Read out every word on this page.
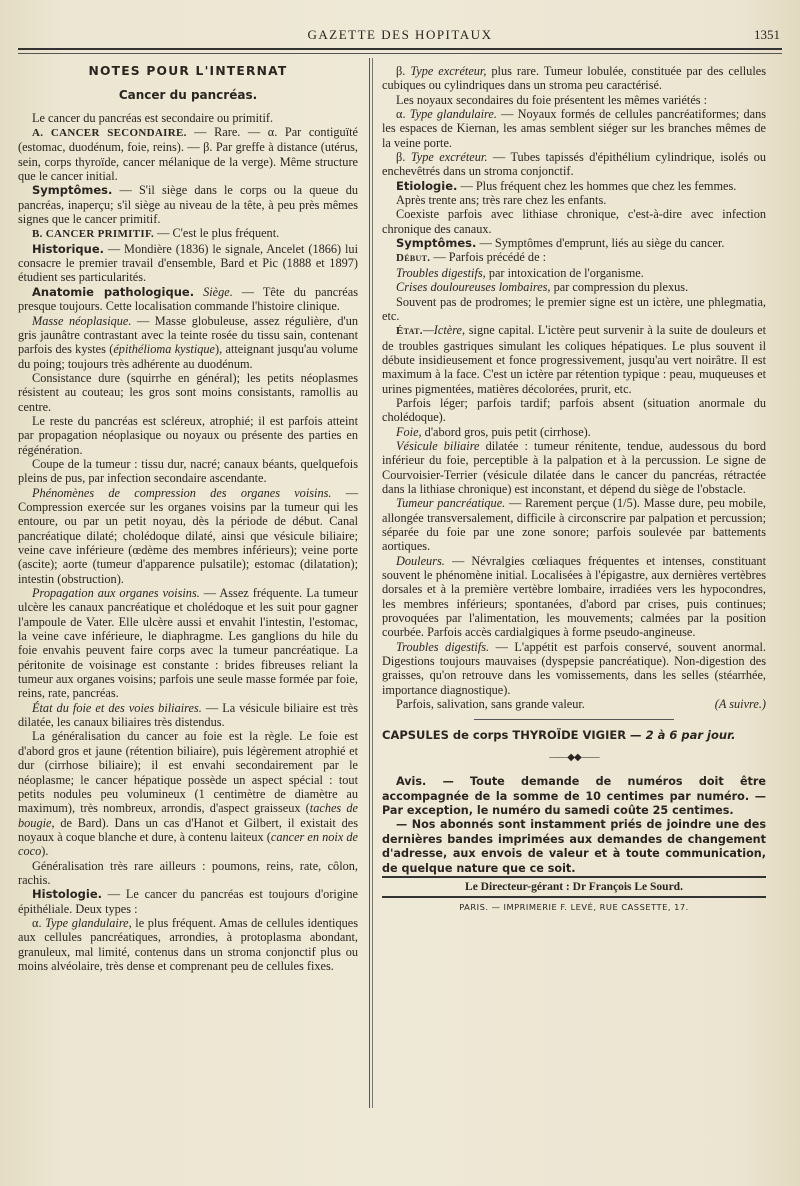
GAZETTE DES HOPITAUX	1351

NOTES POUR L'INTERNAT

Cancer du pancréas.

Le cancer du pancréas est secondaire ou primitif.

A. CANCER SECONDAIRE. — Rare. — α. Par contiguïté (estomac, duodénum, foie, reins). — β. Par greffe à distance (utérus, sein, corps thyroïde, cancer mélanique de la verge). Même structure que le cancer initial.

Symptômes. — S'il siège dans le corps ou la queue du pancréas, inaperçu; s'il siège au niveau de la tête, à peu près mêmes signes que le cancer primitif.

B. CANCER PRIMITIF. — C'est le plus fréquent.

Historique. — Mondière (1836) le signale, Ancelet (1866) lui consacre le premier travail d'ensemble, Bard et Pic (1888 et 1897) étudient ses particularités.

Anatomie pathologique. Siège. — Tête du pancréas presque toujours. Cette localisation commande l'histoire clinique.

Masse néoplasique. — Masse globuleuse, assez régulière, d'un gris jaunâtre contrastant avec la teinte rosée du tissu sain, contenant parfois des kystes (épithélioma kystique), atteignant jusqu'au volume du poing; toujours très adhérente au duodénum.

Consistance dure (squirrhe en général); les petits néoplasmes résistent au couteau; les gros sont moins consistants, ramollis au centre.

Le reste du pancréas est scléreux, atrophié; il est parfois atteint par propagation néoplasique ou noyaux ou présente des parties en régénération.

Coupe de la tumeur : tissu dur, nacré; canaux béants, quelquefois pleins de pus, par infection secondaire ascendante.

Phénomènes de compression des organes voisins. — Compression exercée sur les organes voisins par la tumeur qui les entoure, ou par un petit noyau, dès la période de début. Canal pancréatique dilaté; cholédoque dilaté, ainsi que vésicule biliaire; veine cave inférieure (œdème des membres inférieurs); veine porte (ascite); aorte (tumeur d'apparence pulsatile); estomac (dilatation); intestin (obstruction).

Propagation aux organes voisins. — Assez fréquente. La tumeur ulcère les canaux pancréatique et cholédoque et les suit pour gagner l'ampoule de Vater. Elle ulcère aussi et envahit l'intestin, l'estomac, la veine cave inférieure, le diaphragme. Les ganglions du hile du foie envahis peuvent faire corps avec la tumeur pancréatique. La péritonite de voisinage est constante : brides fibreuses reliant la tumeur aux organes voisins; parfois une seule masse formée par foie, reins, rate, pancréas.

État du foie et des voies biliaires. — La vésicule biliaire est très dilatée, les canaux biliaires très distendus.

La généralisation du cancer au foie est la règle. Le foie est d'abord gros et jaune (rétention biliaire), puis légèrement atrophié et dur (cirrhose biliaire); il est envahi secondairement par le néoplasme; le cancer hépatique possède un aspect spécial : tout petits nodules peu volumineux (1 centimètre de diamètre au maximum), très nombreux, arrondis, d'aspect graisseux (taches de bougie, de Bard). Dans un cas d'Hanot et Gilbert, il existait des noyaux à coque blanche et dure, à contenu laiteux (cancer en noix de coco).

Généralisation très rare ailleurs : poumons, reins, rate, côlon, rachis.

Histologie. — Le cancer du pancréas est toujours d'origine épithéliale. Deux types :

α. Type glandulaire, le plus fréquent. Amas de cellules identiques aux cellules pancréatiques, arrondies, à protoplasma abondant, granuleux, mal limité, contenus dans un stroma conjonctif plus ou moins alvéolaire, très dense et comprenant peu de cellules fixes.

β. Type excréteur, plus rare. Tumeur lobulée, constituée par des cellules cubiques ou cylindriques dans un stroma peu caractérisé.

Les noyaux secondaires du foie présentent les mêmes variétés :

α. Type glandulaire. — Noyaux formés de cellules pancréatiformes; dans les espaces de Kiernan, les amas semblent siéger sur les branches mêmes de la veine porte.

β. Type excréteur. — Tubes tapissés d'épithélium cylindrique, isolés ou enchevêtrés dans un stroma conjonctif.

Etiologie. — Plus fréquent chez les hommes que chez les femmes.

Après trente ans; très rare chez les enfants.

Coexiste parfois avec lithiase chronique, c'est-à-dire avec infection chronique des canaux.

Symptômes. — Symptômes d'emprunt, liés au siège du cancer.

Début. — Parfois précédé de :

Troubles digestifs, par intoxication de l'organisme.

Crises douloureuses lombaires, par compression du plexus.

Souvent pas de prodromes; le premier signe est un ictère, une phlegmatia, etc.

État.—Ictère, signe capital. L'ictère peut survenir à la suite de douleurs et de troubles gastriques simulant les coliques hépatiques. Le plus souvent il débute insidieusement et fonce progressivement, jusqu'au vert noirâtre. Il est maximum à la face. C'est un ictère par rétention typique : peau, muqueuses et urines pigmentées, matières décolorées, prurit, etc.

Parfois léger; parfois tardif; parfois absent (situation anormale du cholédoque).

Foie, d'abord gros, puis petit (cirrhose).

Vésicule biliaire dilatée : tumeur rénitente, tendue, audessous du bord inférieur du foie, perceptible à la palpation et à la percussion. Le signe de Courvoisier-Terrier (vésicule dilatée dans le cancer du pancréas, rétractée dans la lithiase chronique) est inconstant, et dépend du siège de l'obstacle.

Tumeur pancréatique. — Rarement perçue (1/5). Masse dure, peu mobile, allongée transversalement, difficile à circonscrire par palpation et percussion; séparée du foie par une zone sonore; parfois soulevée par battements aortiques.

Douleurs. — Névralgies cœliaques fréquentes et intenses, constituant souvent le phénomène initial. Localisées à l'épigastre, aux dernières vertèbres dorsales et à la première vertèbre lombaire, irradiées vers les hypocondres, les membres inférieurs; spontanées, d'abord par crises, puis continues; provoquées par l'alimentation, les mouvements; calmées par la position courbée. Parfois accès cardialgiques à forme pseudo-angineuse.

Troubles digestifs. — L'appétit est parfois conservé, souvent anormal. Digestions toujours mauvaises (dyspepsie pancréatique). Non-digestion des graisses, qu'on retrouve dans les vomissements, dans les selles (stéarrhée, importance diagnostique).

Parfois, salivation, sans grande valeur.	(A suivre.)

CAPSULES de corps THYROÏDE VIGIER — 2 à 6 par jour.

——◆◆——

Avis. — Toute demande de numéros doit être accompagnée de la somme de 10 centimes par numéro. — Par exception, le numéro du samedi coûte 25 centimes.

— Nos abonnés sont instamment priés de joindre une des dernières bandes imprimées aux demandes de changement d'adresse, aux envois de valeur et à toute communication, de quelque nature que ce soit.

Le Directeur-gérant : Dr François Le Sourd.

PARIS. — IMPRIMERIE F. LEVÉ, RUE CASSETTE, 17.
